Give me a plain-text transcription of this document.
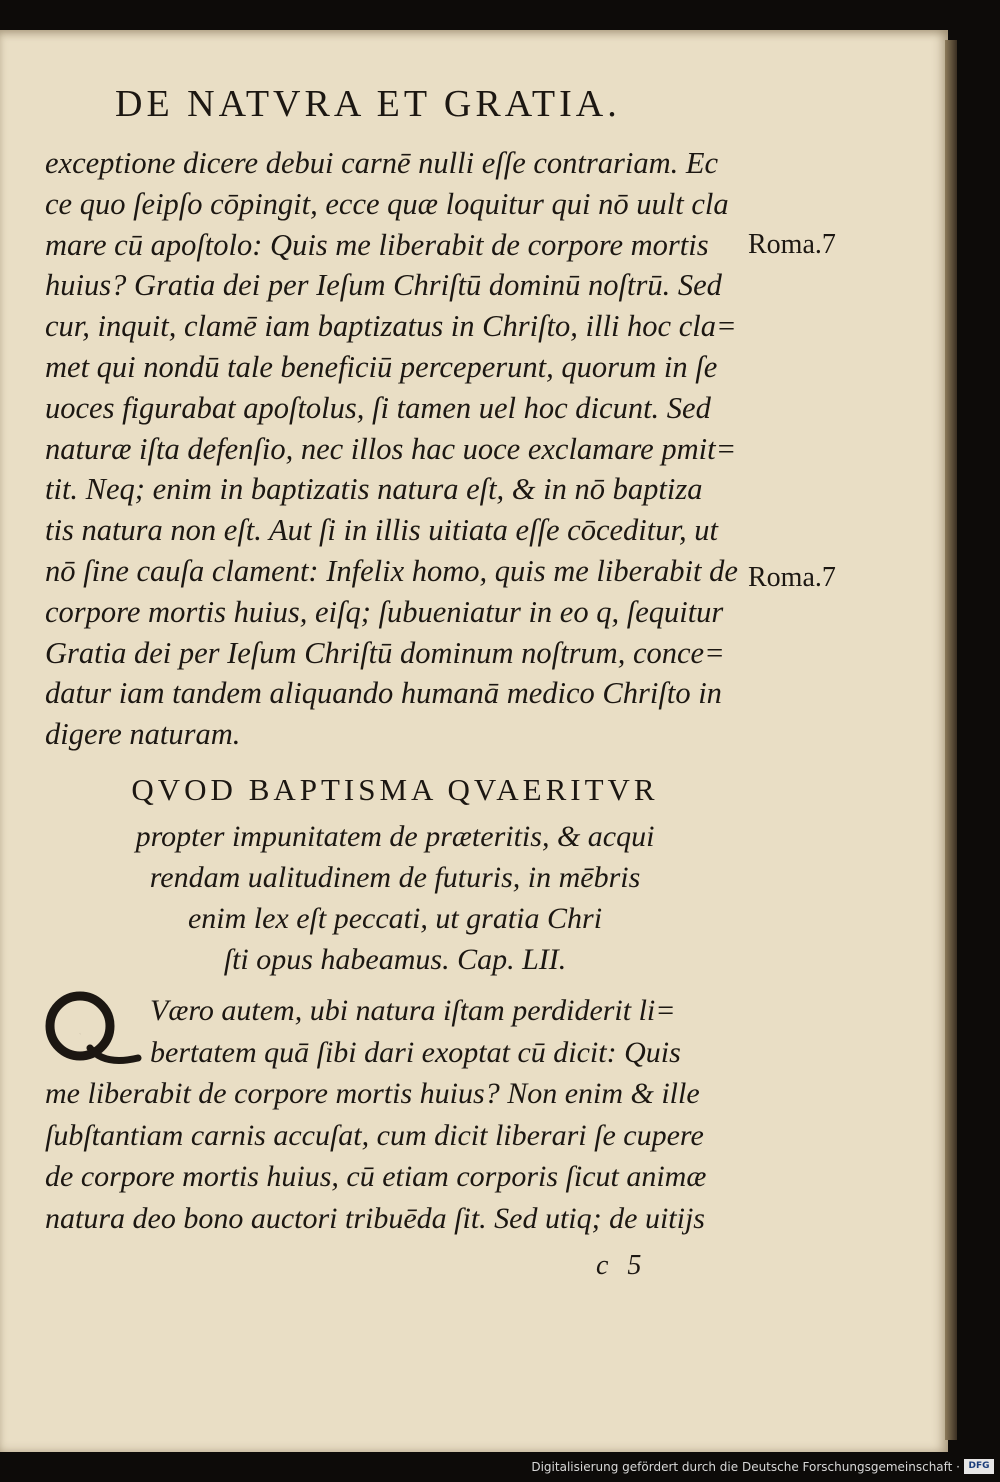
DE NATVRA ET GRATIA.
exceptione dicere debui carnē nulli eſſe contrariam. Ec
ce quo ſeipſo cōpingit, ecce quæ loquitur qui nō uult cla
mare cū apoſtolo: Quis me liberabit de corpore mortis
huius? Gratia dei per Ieſum Chriſtū dominū noſtrū. Sed
cur, inquit, clamē iam baptizatus in Chriſto, illi hoc cla=
met qui nondū tale beneficiū perceperunt, quorum in ſe
uoces figurabat apoſtolus, ſi tamen uel hoc dicunt. Sed
naturæ iſta defenſio, nec illos hac uoce exclamare pmit=
tit. Neq; enim in baptizatis natura eſt, & in nō baptiza
tis natura non eſt. Aut ſi in illis uitiata eſſe cōceditur, ut
nō ſine cauſa clament: Infelix homo, quis me liberabit de
corpore mortis huius, eiſq; ſubueniatur in eo q, ſequitur
Gratia dei per Ieſum Chriſtū dominum noſtrum, conce=
datur iam tandem aliquando humanā medico Chriſto in
digere naturam.
Roma.7
Roma.7
QVOD BAPTISMA QVAERITVR
propter impunitatem de præteritis, & acqui
rendam ualitudinem de futuris, in mēbris
enim lex eſt peccati, ut gratia Chri
ſti opus habeamus. Cap. LII.
Q
Væro autem, ubi natura iſtam perdiderit li=
bertatem quā ſibi dari exoptat cū dicit: Quis
me liberabit de corpore mortis huius? Non enim & ille
ſubſtantiam carnis accuſat, cum dicit liberari ſe cupere
de corpore mortis huius, cū etiam corporis ſicut animæ
natura deo bono auctori tribuēda ſit. Sed utiq; de uitijs
c 5
Digitalisierung gefördert durch die Deutsche Forschungsgemeinschaft · DFG
